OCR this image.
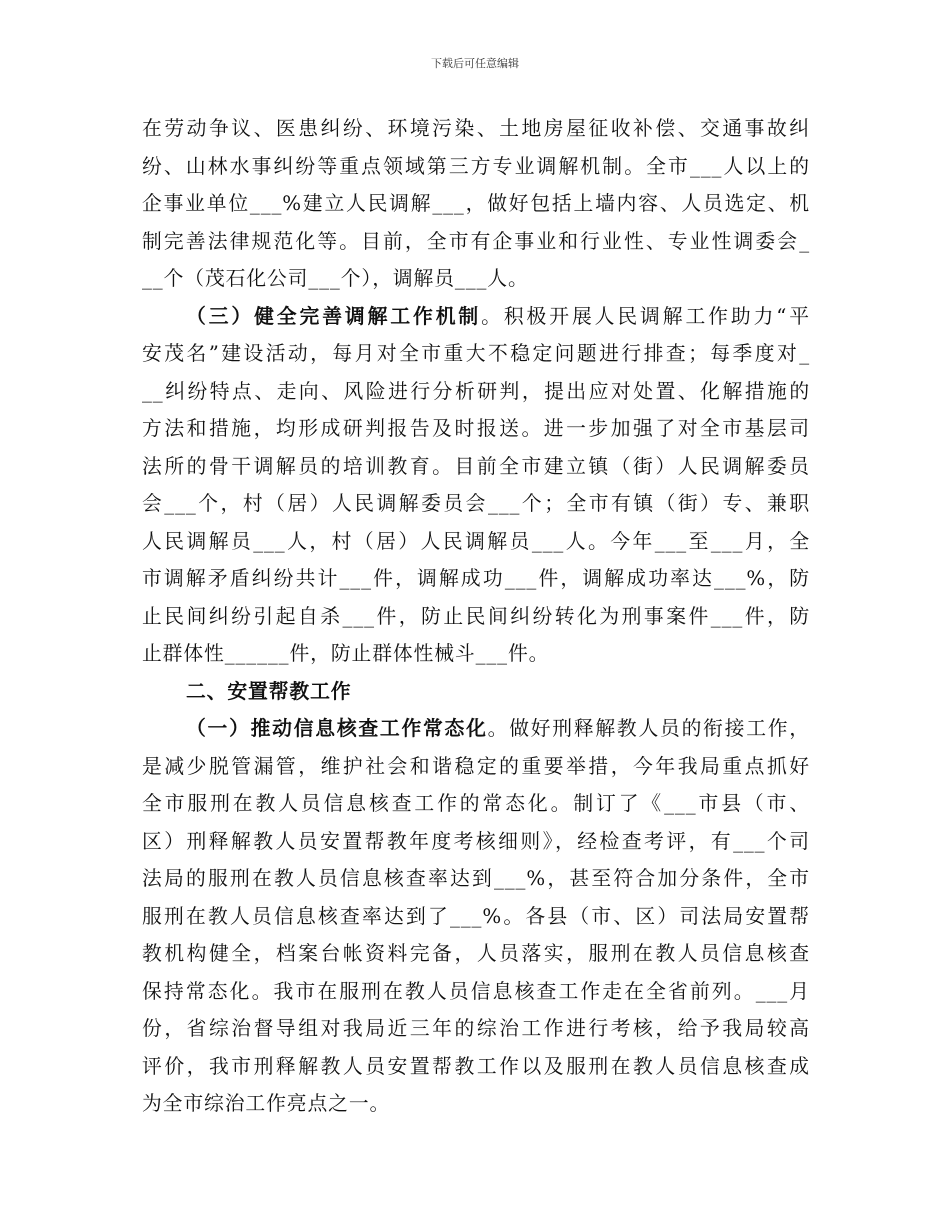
下载后可任意编辑
在劳动争议、医患纠纷、环境污染、土地房屋征收补偿、交通事故纠
纷、山林水事纠纷等重点领域第三方专业调解机制。全市___人以上的
企事业单位___%建立人民调解___，做好包括上墙内容、人员选定、机
制完善法律规范化等。目前，全市有企事业和行业性、专业性调委会_
__个（茂石化公司___个），调解员___人。
（三）健全完善调解工作机制。积极开展人民调解工作助力“平
安茂名”建设活动，每月对全市重大不稳定问题进行排查；每季度对_
__纠纷特点、走向、风险进行分析研判，提出应对处置、化解措施的
方法和措施，均形成研判报告及时报送。进一步加强了对全市基层司
法所的骨干调解员的培训教育。目前全市建立镇（街）人民调解委员
会___个，村（居）人民调解委员会___个；全市有镇（街）专、兼职
人民调解员___人，村（居）人民调解员___人。今年___至___月，全
市调解矛盾纠纷共计___件，调解成功___件，调解成功率达___%，防
止民间纠纷引起自杀___件，防止民间纠纷转化为刑事案件___件，防
止群体性______件，防止群体性械斗___件。
二、安置帮教工作
（一）推动信息核查工作常态化。做好刑释解教人员的衔接工作，
是减少脱管漏管，维护社会和谐稳定的重要举措，今年我局重点抓好
全市服刑在教人员信息核查工作的常态化。制订了《___市县（市、
区）刑释解教人员安置帮教年度考核细则》，经检查考评，有___个司
法局的服刑在教人员信息核查率达到___%，甚至符合加分条件，全市
服刑在教人员信息核查率达到了___%。各县（市、区）司法局安置帮
教机构健全，档案台帐资料完备，人员落实，服刑在教人员信息核查
保持常态化。我市在服刑在教人员信息核查工作走在全省前列。___月
份，省综治督导组对我局近三年的综治工作进行考核，给予我局较高
评价，我市刑释解教人员安置帮教工作以及服刑在教人员信息核查成
为全市综治工作亮点之一。
